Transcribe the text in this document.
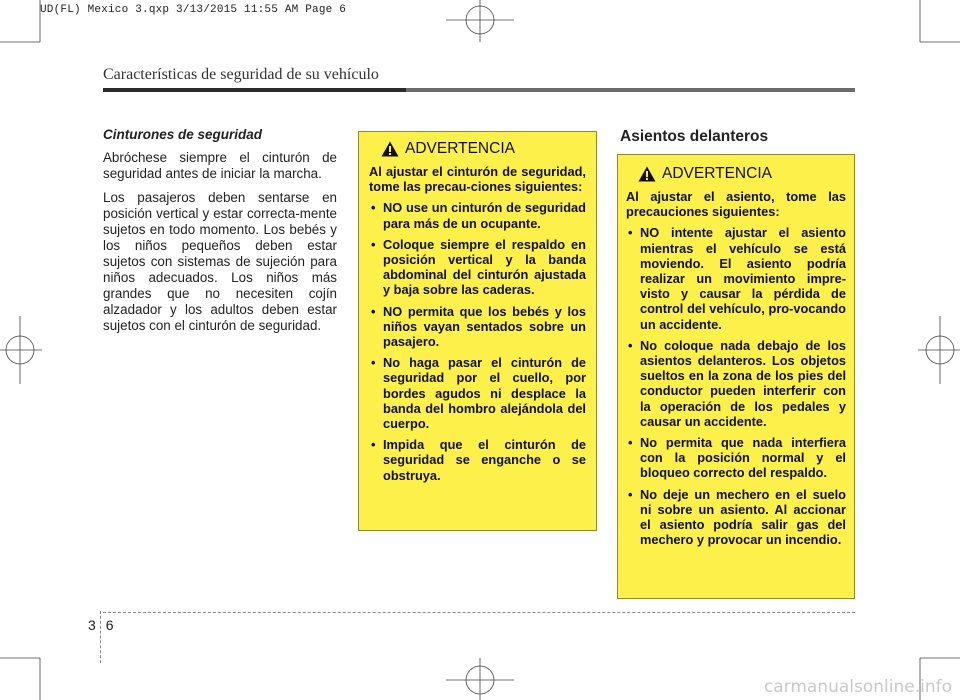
UD(FL) Mexico 3.qxp 3/13/2015 11:55 AM Page 6
Características de seguridad de su vehículo
Cinturones de seguridad

Abróchese siempre el cinturón de seguridad antes de iniciar la marcha.

Los pasajeros deben sentarse en posición vertical y estar correcta-mente sujetos en todo momento. Los bebés y los niños pequeños deben estar sujetos con sistemas de sujeción para niños adecuados. Los niños más grandes que no necesiten cojín alzadador y los adultos deben estar sujetos con el cinturón de seguridad.

ADVERTENCIA

Al ajustar el cinturón de seguridad, tome las precau-ciones siguientes:

• NO use un cinturón de seguridad para más de un ocupante.
• Coloque siempre el respaldo en posición vertical y la banda abdominal del cinturón ajustada y baja sobre las caderas.
• NO permita que los bebés y los niños vayan sentados sobre un pasajero.
• No haga pasar el cinturón de seguridad por el cuello, por bordes agudos ni desplace la banda del hombro alejándola del cuerpo.
• Impida que el cinturón de seguridad se enganche o se obstruya.
Asientos delanteros
ADVERTENCIA

Al ajustar el asiento, tome las precauciones siguientes:

• NO intente ajustar el asiento mientras el vehículo se está moviendo. El asiento podría realizar un movimiento impre-visto y causar la pérdida de control del vehículo, pro-vocando un accidente.
• No coloque nada debajo de los asientos delanteros. Los objetos sueltos en la zona de los pies del conductor pueden interferir con la operación de los pedales y causar un accidente.
• No permita que nada interfiera con la posición normal y el bloqueo correcto del respaldo.
• No deje un mechero en el suelo ni sobre un asiento. Al accionar el asiento podría salir gas del mechero y provocar un incendio.
3 6
carmanualsonline.info
